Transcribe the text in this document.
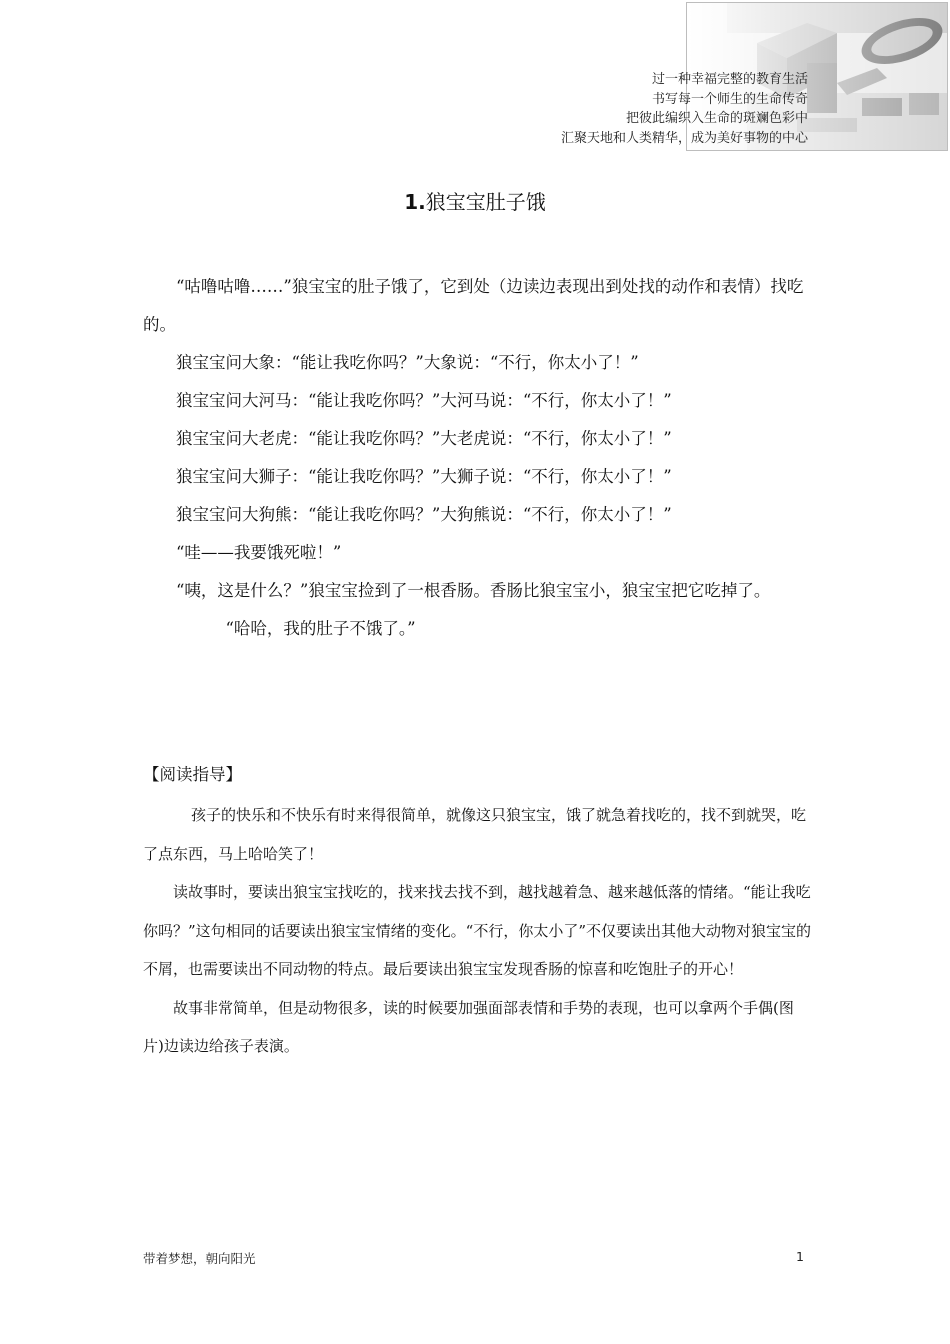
过一种幸福完整的教育生活
书写每一个师生的生命传奇
把彼此编织入生命的斑斓色彩中
汇聚天地和人类精华，成为美好事物的中心
1.狼宝宝肚子饿

“咕噜咕噜……”狼宝宝的肚子饿了，它到处（边读边表现出到处找的动作和表情）找吃的。

狼宝宝问大象：“能让我吃你吗？”大象说：“不行，你太小了！”

狼宝宝问大河马：“能让我吃你吗？”大河马说：“不行，你太小了！”

狼宝宝问大老虎：“能让我吃你吗？”大老虎说：“不行，你太小了！”

狼宝宝问大狮子：“能让我吃你吗？”大狮子说：“不行，你太小了！”

狼宝宝问大狗熊：“能让我吃你吗？”大狗熊说：“不行，你太小了！”

“哇——我要饿死啦！”

“咦，这是什么？”狼宝宝捡到了一根香肠。香肠比狼宝宝小，狼宝宝把它吃掉了。

“哈哈，我的肚子不饿了。”

【阅读指导】

孩子的快乐和不快乐有时来得很简单，就像这只狼宝宝，饿了就急着找吃的，找不到就哭，吃了点东西，马上哈哈笑了！

读故事时，要读出狼宝宝找吃的，找来找去找不到，越找越着急、越来越低落的情绪。“能让我吃你吗？”这句相同的话要读出狼宝宝情绪的变化。“不行，你太小了”不仅要读出其他大动物对狼宝宝的不屑，也需要读出不同动物的特点。最后要读出狼宝宝发现香肠的惊喜和吃饱肚子的开心！

故事非常简单，但是动物很多，读的时候要加强面部表情和手势的表现，也可以拿两个手偶(图片)边读边给孩子表演。

带着梦想，朝向阳光	1
